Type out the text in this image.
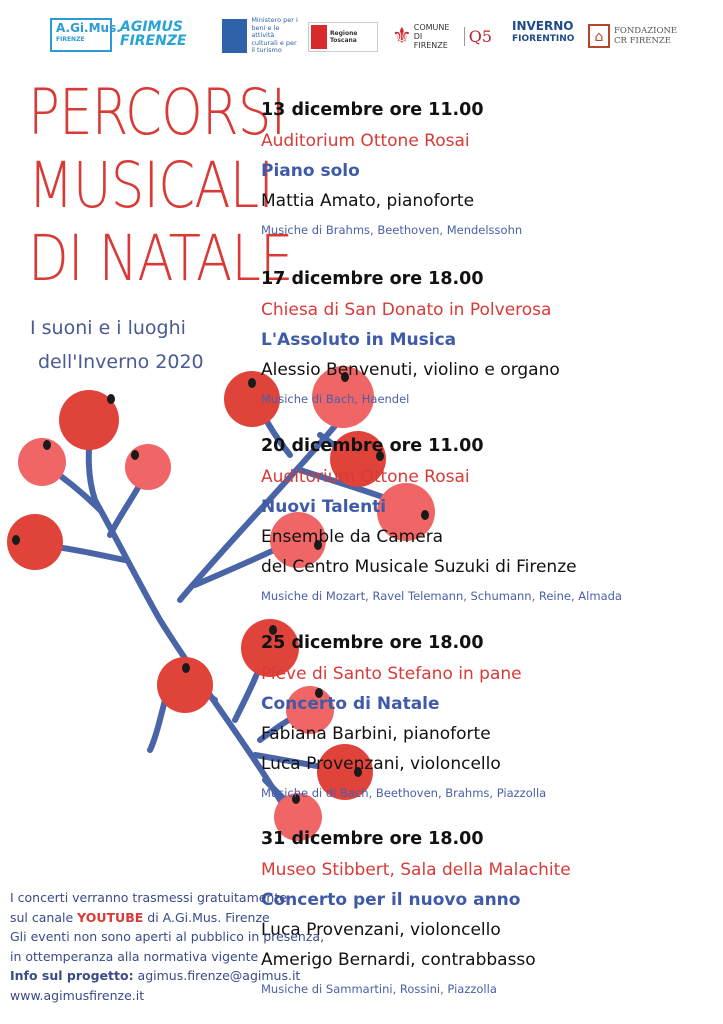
A.Gi.Mus.
FIRENZE
AGIMUS
FIRENZE
Ministero per i beni e le attività culturali e per il turismo
Regione Toscana	⚜ COMUNE DI
FIRENZE	Q5
INVERNO
FIORENTINO	⌂	FONDAZIONE
CR FIRENZE
PERCORSI
MUSICALI
DI NATALE
I suoni e i luoghi
dell'Inverno 2020
13 dicembre ore 11.00
Auditorium Ottone Rosai
Piano solo
Mattia Amato, pianoforte
Musiche di Brahms, Beethoven, Mendelssohn
17 dicembre ore 18.00
Chiesa di San Donato in Polverosa
L'Assoluto in Musica
Alessio Benvenuti, violino e organo
Musiche di Bach, Haendel
20 dicembre ore 11.00
Auditorium Ottone Rosai
Nuovi Talenti
Ensemble da Camera
del Centro Musicale Suzuki di Firenze
Musiche di Mozart, Ravel Telemann, Schumann, Reine, Almada
25 dicembre ore 18.00
Pieve di Santo Stefano in pane
Concerto di Natale
Fabiana Barbini, pianoforte
Luca Provenzani, violoncello
Musiche di di Bach, Beethoven, Brahms, Piazzolla
31 dicembre ore 18.00
Museo Stibbert, Sala della Malachite
Concerto per il nuovo anno
Luca Provenzani, violoncello
Amerigo Bernardi, contrabbasso
Musiche di Sammartini, Rossini, Piazzolla
I concerti verranno trasmessi gratuitamente
sul canale YOUTUBE di A.Gi.Mus. Firenze
Gli eventi non sono aperti al pubblico in presenza,
in ottemperanza alla normativa vigente
Info sul progetto: agimus.firenze@agimus.it
www.agimusfirenze.it
